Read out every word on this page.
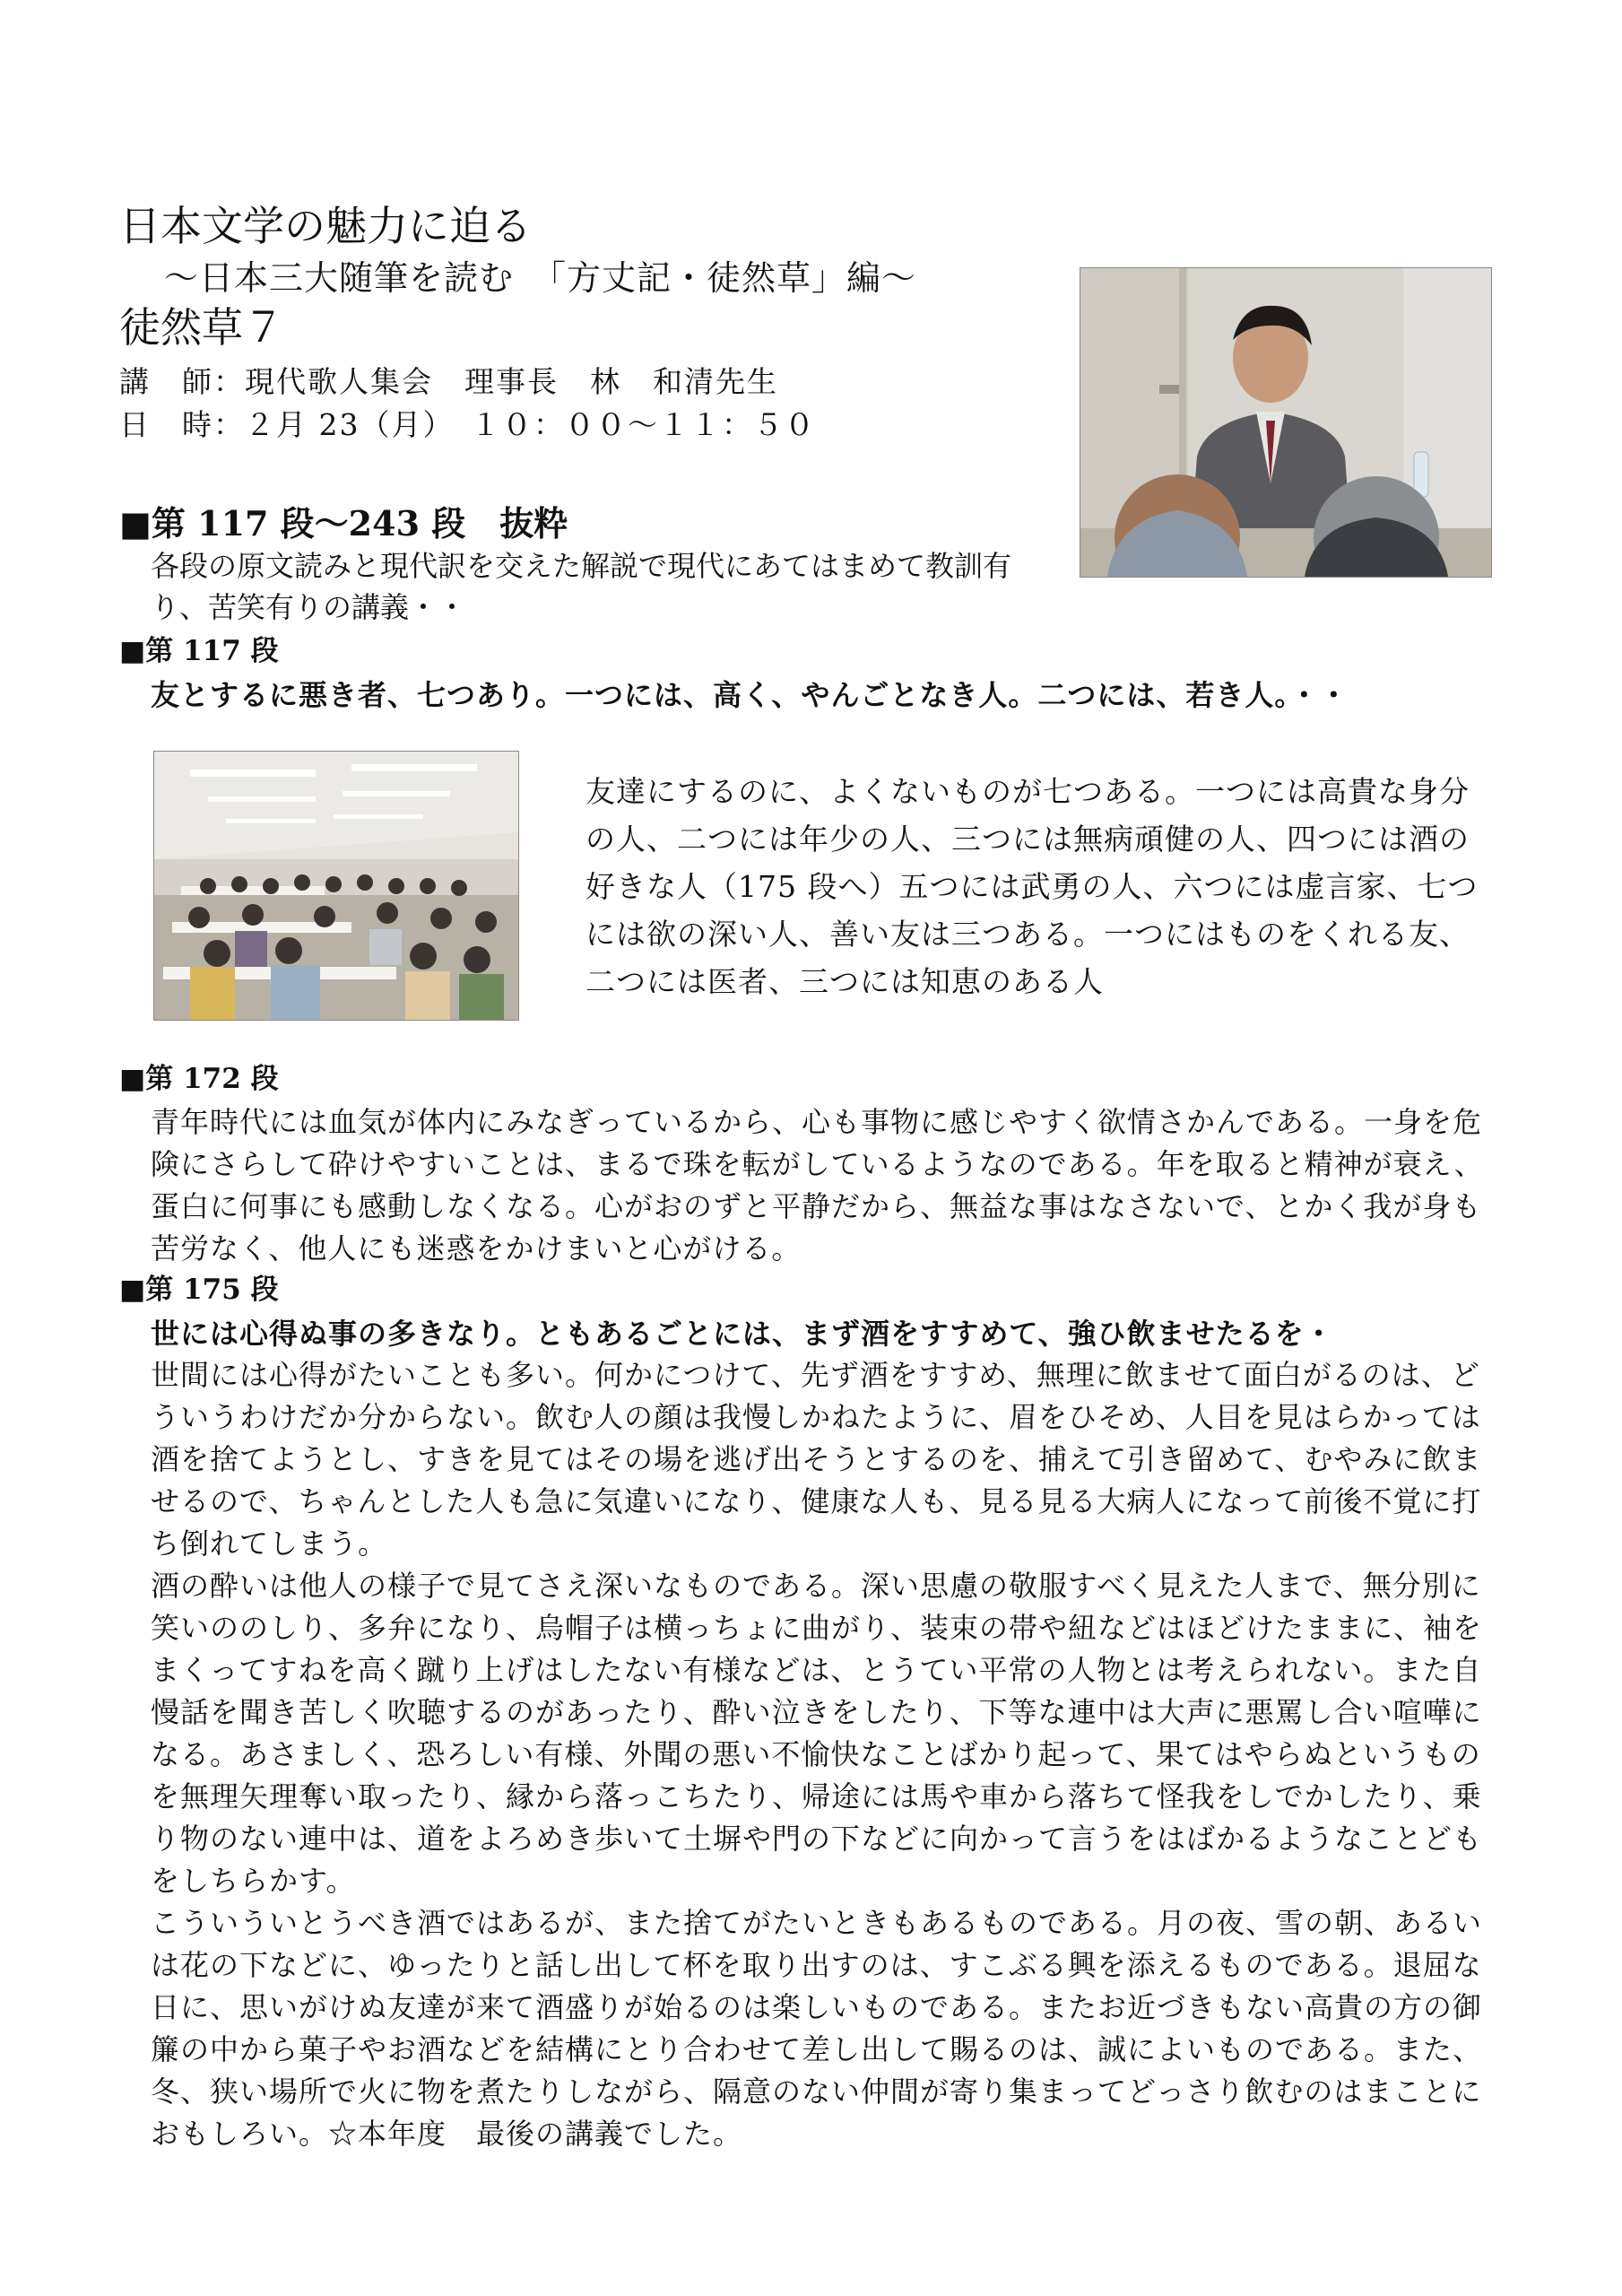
日本文学の魅力に迫る
～日本三大随筆を読む　「方丈記・徒然草」編～
徒然草７
講　師：現代歌人集会　理事長　林　和清先生
日　時：２月 23（月）　１０：００～１１：５０
■第 117 段～243 段　抜粋
各段の原文読みと現代訳を交えた解説で現代にあてはまめて教訓有り、苦笑有りの講義・・
■第 117 段
友とするに悪き者、七つあり。一つには、高く、やんごとなき人。二つには、若き人。・・
友達にするのに、よくないものが七つある。一つには高貴な身分の人、二つには年少の人、三つには無病頑健の人、四つには酒の好きな人（175 段へ）五つには武勇の人、六つには虚言家、七つには欲の深い人、善い友は三つある。一つにはものをくれる友、二つには医者、三つには知恵のある人
■第 172 段
青年時代には血気が体内にみなぎっているから、心も事物に感じやすく欲情さかんである。一身を危険にさらして砕けやすいことは、まるで珠を転がしているようなのである。年を取ると精神が衰え、蛋白に何事にも感動しなくなる。心がおのずと平静だから、無益な事はなさないで、とかく我が身も苦労なく、他人にも迷惑をかけまいと心がける。
■第 175 段
世には心得ぬ事の多きなり。ともあるごとには、まず酒をすすめて、強ひ飲ませたるを・

世間には心得がたいことも多い。何かにつけて、先ず酒をすすめ、無理に飲ませて面白がるのは、どういうわけだか分からない。飲む人の顔は我慢しかねたように、眉をひそめ、人目を見はらかっては酒を捨てようとし、すきを見てはその場を逃げ出そうとするのを、捕えて引き留めて、むやみに飲ませるので、ちゃんとした人も急に気違いになり、健康な人も、見る見る大病人になって前後不覚に打ち倒れてしまう。

酒の酔いは他人の様子で見てさえ深いなものである。深い思慮の敬服すべく見えた人まで、無分別に笑いののしり、多弁になり、烏帽子は横っちょに曲がり、装束の帯や紐などはほどけたままに、袖をまくってすねを高く蹴り上げはしたない有様などは、とうてい平常の人物とは考えられない。また自慢話を聞き苦しく吹聴するのがあったり、酔い泣きをしたり、下等な連中は大声に悪罵し合い喧嘩になる。あさましく、恐ろしい有様、外聞の悪い不愉快なことばかり起って、果てはやらぬというものを無理矢理奪い取ったり、縁から落っこちたり、帰途には馬や車から落ちて怪我をしでかしたり、乗り物のない連中は、道をよろめき歩いて土塀や門の下などに向かって言うをはばかるようなことどもをしちらかす。

こういういとうべき酒ではあるが、また捨てがたいときもあるものである。月の夜、雪の朝、あるいは花の下などに、ゆったりと話し出して杯を取り出すのは、すこぶる興を添えるものである。退屈な日に、思いがけぬ友達が来て酒盛りが始るのは楽しいものである。またお近づきもない高貴の方の御簾の中から菓子やお酒などを結構にとり合わせて差し出して賜るのは、誠によいものである。また、冬、狭い場所で火に物を煮たりしながら、隔意のない仲間が寄り集まってどっさり飲むのはまことにおもしろい。☆本年度　最後の講義でした。
